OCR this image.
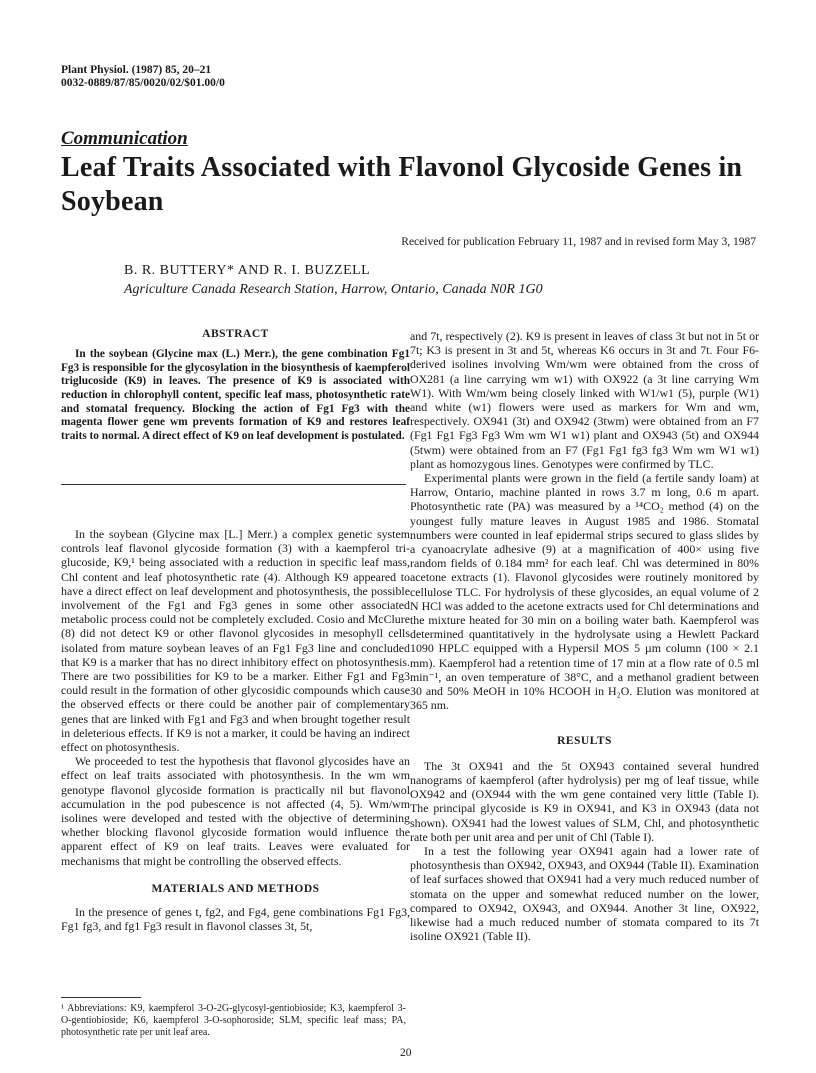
Plant Physiol. (1987) 85, 20–21
0032-0889/87/85/0020/02/$01.00/0
Communication
Leaf Traits Associated with Flavonol Glycoside Genes in Soybean
Received for publication February 11, 1987 and in revised form May 3, 1987
B. R. BUTTERY* AND R. I. BUZZELL
Agriculture Canada Research Station, Harrow, Ontario, Canada N0R 1G0
ABSTRACT

In the soybean (Glycine max (L.) Merr.), the gene combination Fg1 Fg3 is responsible for the glycosylation in the biosynthesis of kaempferol triglucoside (K9) in leaves. The presence of K9 is associated with reduction in chlorophyll content, specific leaf mass, photosynthetic rate and stomatal frequency. Blocking the action of Fg1 Fg3 with the magenta flower gene wm prevents formation of K9 and restores leaf traits to normal. A direct effect of K9 on leaf development is postulated.

In the soybean (Glycine max [L.] Merr.) a complex genetic system controls leaf flavonol glycoside formation (3) with a kaempferol tri-glucoside, K9,¹ being associated with a reduction in specific leaf mass, Chl content and leaf photosynthetic rate (4). Although K9 appeared to have a direct effect on leaf development and photosynthesis, the possible involvement of the Fg1 and Fg3 genes in some other associated metabolic process could not be completely excluded. Cosio and McClure (8) did not detect K9 or other flavonol glycosides in mesophyll cells isolated from mature soybean leaves of an Fg1 Fg3 line and concluded that K9 is a marker that has no direct inhibitory effect on photosynthesis. There are two possibilities for K9 to be a marker. Either Fg1 and Fg3 could result in the formation of other glycosidic compounds which cause the observed effects or there could be another pair of complementary genes that are linked with Fg1 and Fg3 and when brought together result in deleterious effects. If K9 is not a marker, it could be having an indirect effect on photosynthesis.

We proceeded to test the hypothesis that flavonol glycosides have an effect on leaf traits associated with photosynthesis. In the wm wm genotype flavonol glycoside formation is practically nil but flavonol accumulation in the pod pubescence is not affected (4, 5). Wm/wm isolines were developed and tested with the objective of determining whether blocking flavonol glycoside formation would influence the apparent effect of K9 on leaf traits. Leaves were evaluated for mechanisms that might be controlling the observed effects.

MATERIALS AND METHODS

In the presence of genes t, fg2, and Fg4, gene combinations Fg1 Fg3, Fg1 fg3, and fg1 Fg3 result in flavonol classes 3t, 5t,

¹ Abbreviations: K9, kaempferol 3-O-2G-glycosyl-gentiobioside; K3, kaempferol 3-O-gentiobioside; K6, kaempferol 3-O-sophoroside; SLM, specific leaf mass; PA, photosynthetic rate per unit leaf area.

and 7t, respectively (2). K9 is present in leaves of class 3t but not in 5t or 7t; K3 is present in 3t and 5t, whereas K6 occurs in 3t and 7t. Four F6-derived isolines involving Wm/wm were obtained from the cross of OX281 (a line carrying wm w1) with OX922 (a 3t line carrying Wm W1). With Wm/wm being closely linked with W1/w1 (5), purple (W1) and white (w1) flowers were used as markers for Wm and wm, respectively. OX941 (3t) and OX942 (3twm) were obtained from an F7 (Fg1 Fg1 Fg3 Fg3 Wm wm W1 w1) plant and OX943 (5t) and OX944 (5twm) were obtained from an F7 (Fg1 Fg1 fg3 fg3 Wm wm W1 w1) plant as homozygous lines. Genotypes were confirmed by TLC.

Experimental plants were grown in the field (a fertile sandy loam) at Harrow, Ontario, machine planted in rows 3.7 m long, 0.6 m apart. Photosynthetic rate (PA) was measured by a ¹⁴CO₂ method (4) on the youngest fully mature leaves in August 1985 and 1986. Stomatal numbers were counted in leaf epidermal strips secured to glass slides by a cyanoacrylate adhesive (9) at a magnification of 400× using five random fields of 0.184 mm² for each leaf. Chl was determined in 80% acetone extracts (1). Flavonol glycosides were routinely monitored by cellulose TLC. For hydrolysis of these glycosides, an equal volume of 2 N HCl was added to the acetone extracts used for Chl determinations and the mixture heated for 30 min on a boiling water bath. Kaempferol was determined quantitatively in the hydrolysate using a Hewlett Packard 1090 HPLC equipped with a Hypersil MOS 5 µm column (100 × 2.1 mm). Kaempferol had a retention time of 17 min at a flow rate of 0.5 ml min⁻¹, an oven temperature of 38°C, and a methanol gradient between 30 and 50% MeOH in 10% HCOOH in H₂O. Elution was monitored at 365 nm.

RESULTS

The 3t OX941 and the 5t OX943 contained several hundred nanograms of kaempferol (after hydrolysis) per mg of leaf tissue, while OX942 and (OX944 with the wm gene contained very little (Table I). The principal glycoside is K9 in OX941, and K3 in OX943 (data not shown). OX941 had the lowest values of SLM, Chl, and photosynthetic rate both per unit area and per unit of Chl (Table I).

In a test the following year OX941 again had a lower rate of photosynthesis than OX942, OX943, and OX944 (Table II). Examination of leaf surfaces showed that OX941 had a very much reduced number of stomata on the upper and somewhat reduced number on the lower, compared to OX942, OX943, and OX944. Another 3t line, OX922, likewise had a much reduced number of stomata compared to its 7t isoline OX921 (Table II).

20
